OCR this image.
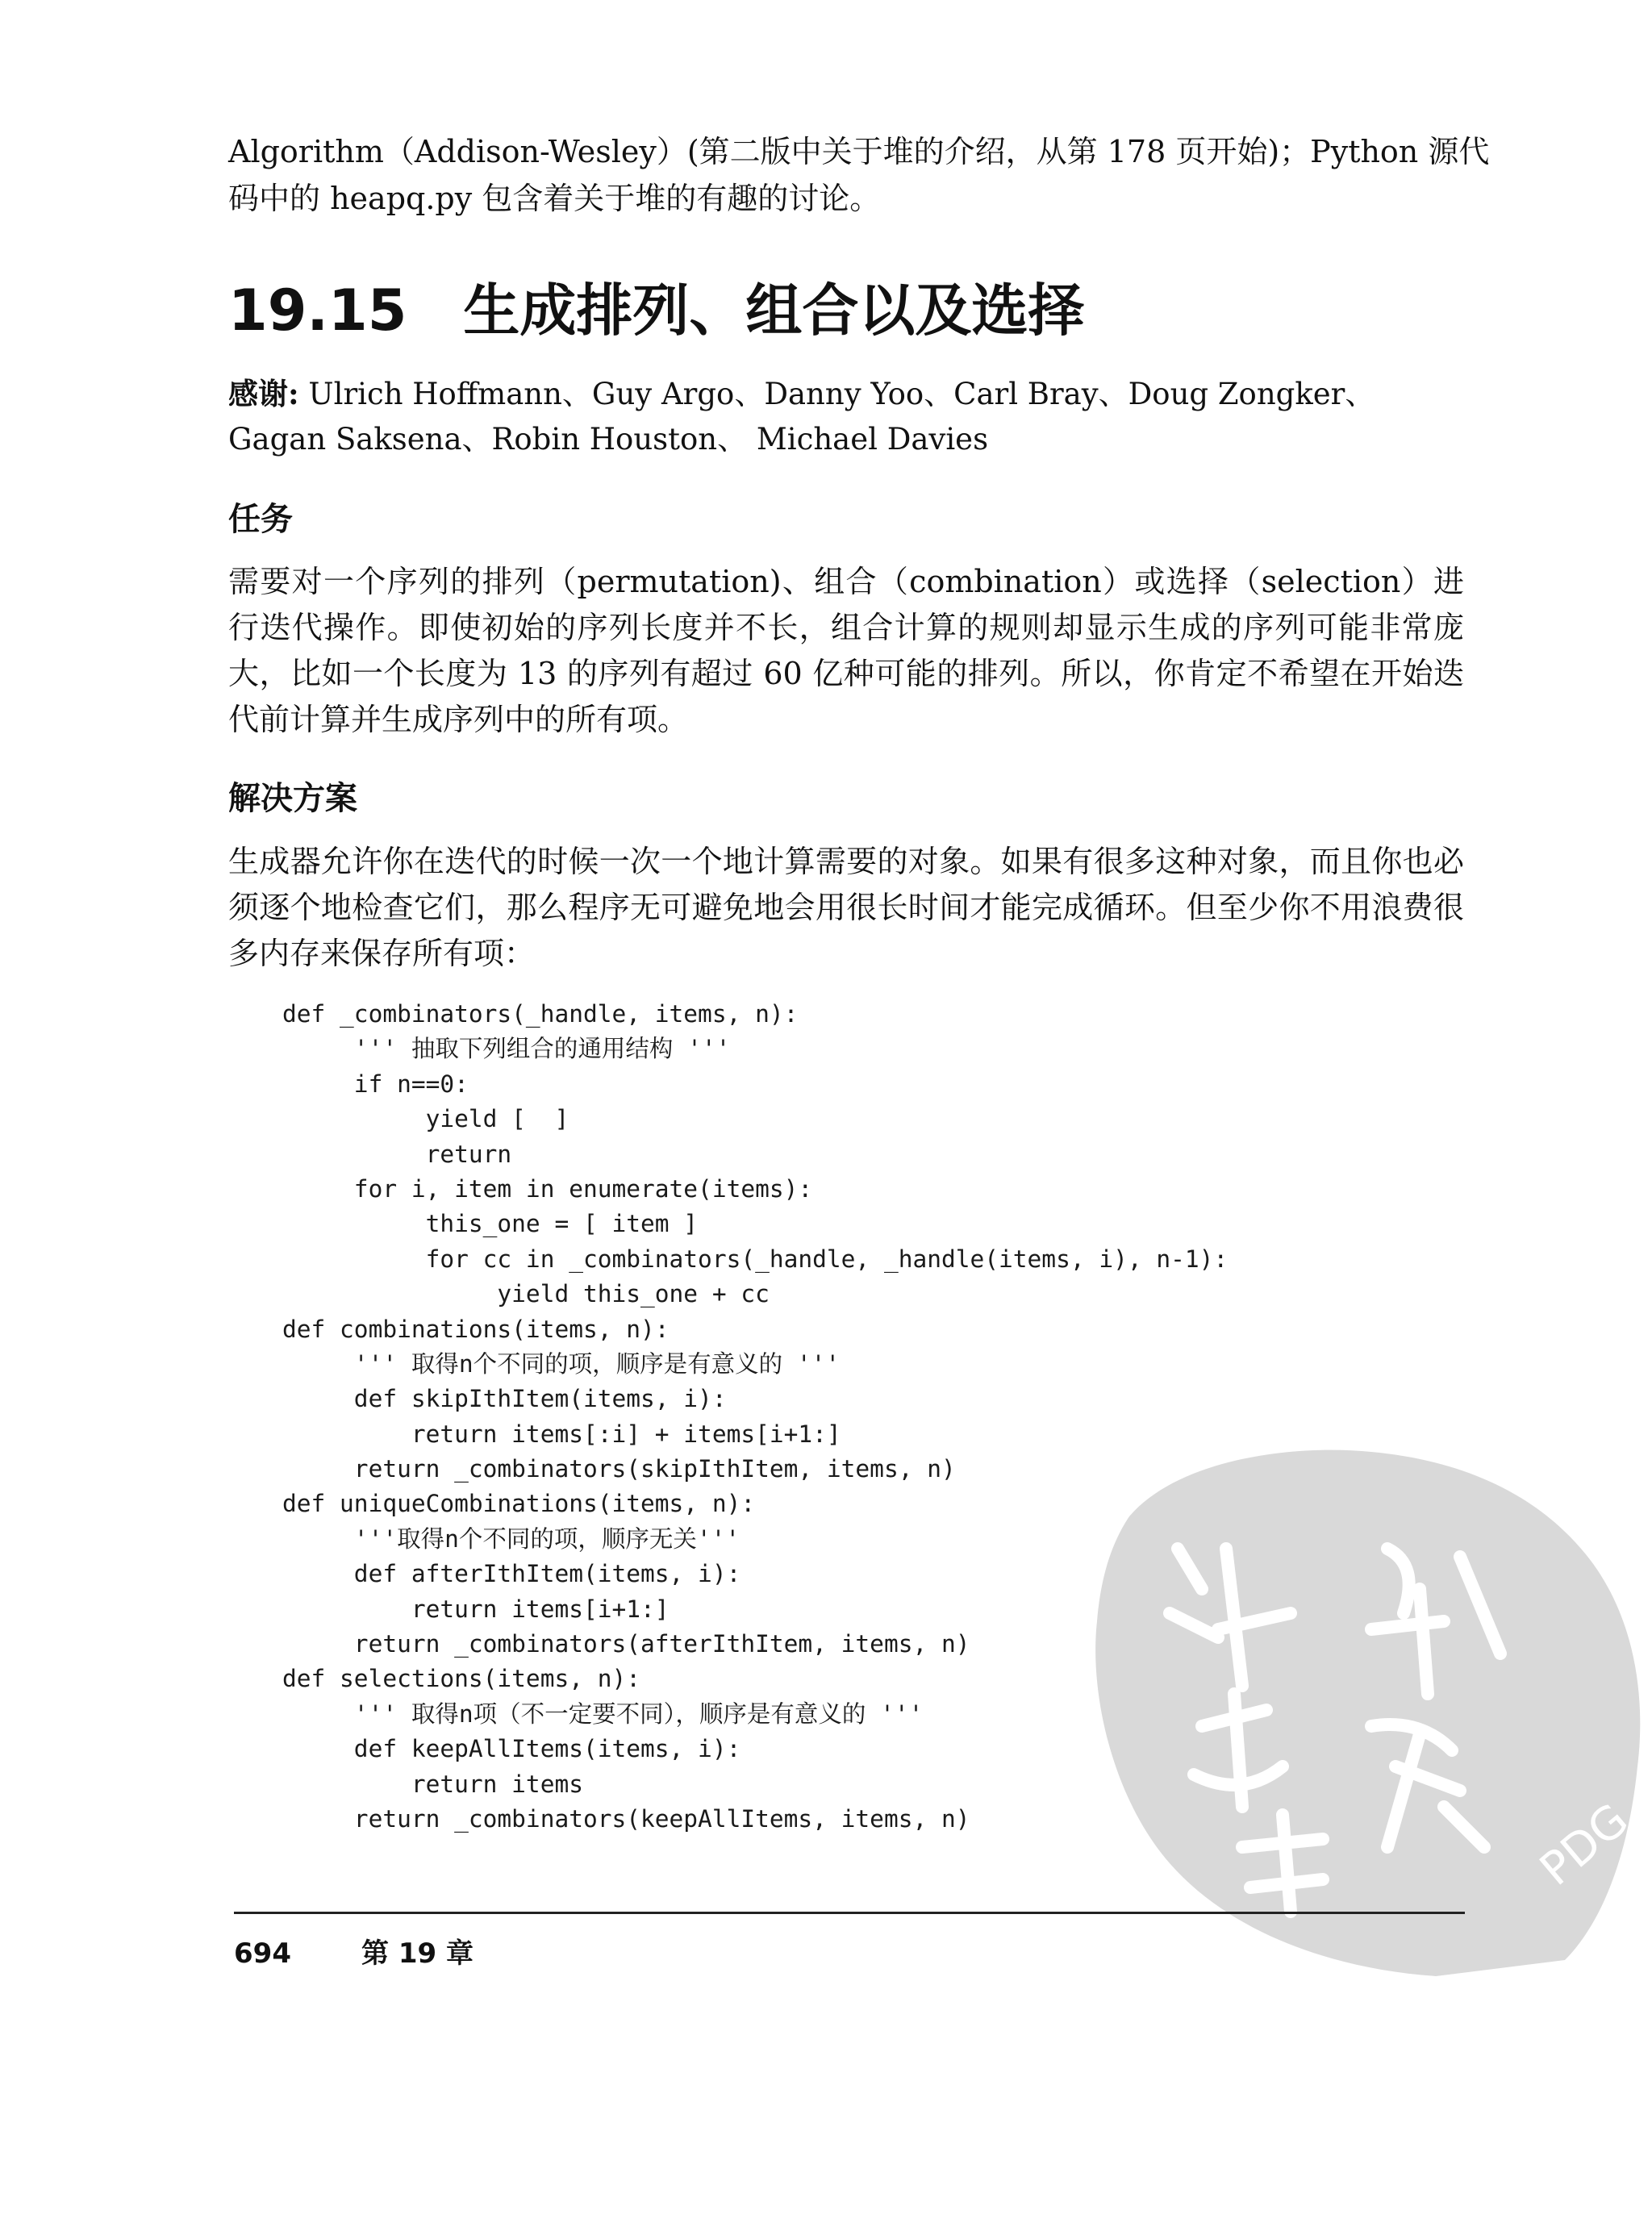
Algorithm（Addison-Wesley）(第二版中关于堆的介绍，从第 178 页开始)；Python 源代
码中的 heapq.py 包含着关于堆的有趣的讨论。
19.15 生成排列、组合以及选择
感谢: Ulrich Hoffmann、Guy Argo、Danny Yoo、Carl Bray、Doug Zongker、Gagan Saksena、Robin Houston、 Michael Davies
任务
需要对一个序列的排列（permutation)、组合（combination）或选择（selection）进行迭代操作。即使初始的序列长度并不长，组合计算的规则却显示生成的序列可能非常庞大，比如一个长度为 13 的序列有超过 60 亿种可能的排列。所以，你肯定不希望在开始迭代前计算并生成序列中的所有项。
解决方案
生成器允许你在迭代的时候一次一个地计算需要的对象。如果有很多这种对象，而且你也必须逐个地检查它们，那么程序无可避免地会用很长时间才能完成循环。但至少你不用浪费很多内存来保存所有项：
def _combinators(_handle, items, n):
''' 抽取下列组合的通用结构 '''
if n==0:
yield [  ]
return
for i, item in enumerate(items):
this_one = [ item ]
for cc in _combinators(_handle, _handle(items, i), n-1):
yield this_one + cc
def combinations(items, n):
''' 取得n个不同的项，顺序是有意义的 '''
def skipIthItem(items, i):
return items[:i] + items[i+1:]
return _combinators(skipIthItem, items, n)
def uniqueCombinations(items, n):
'''取得n个不同的项，顺序无关'''
def afterIthItem(items, i):
return items[i+1:]
return _combinators(afterIthItem, items, n)
def selections(items, n):
''' 取得n项（不一定要不同），顺序是有意义的 '''
def keepAllItems(items, i):
return items
return _combinators(keepAllItems, items, n)	PDG
694	第 19 章
